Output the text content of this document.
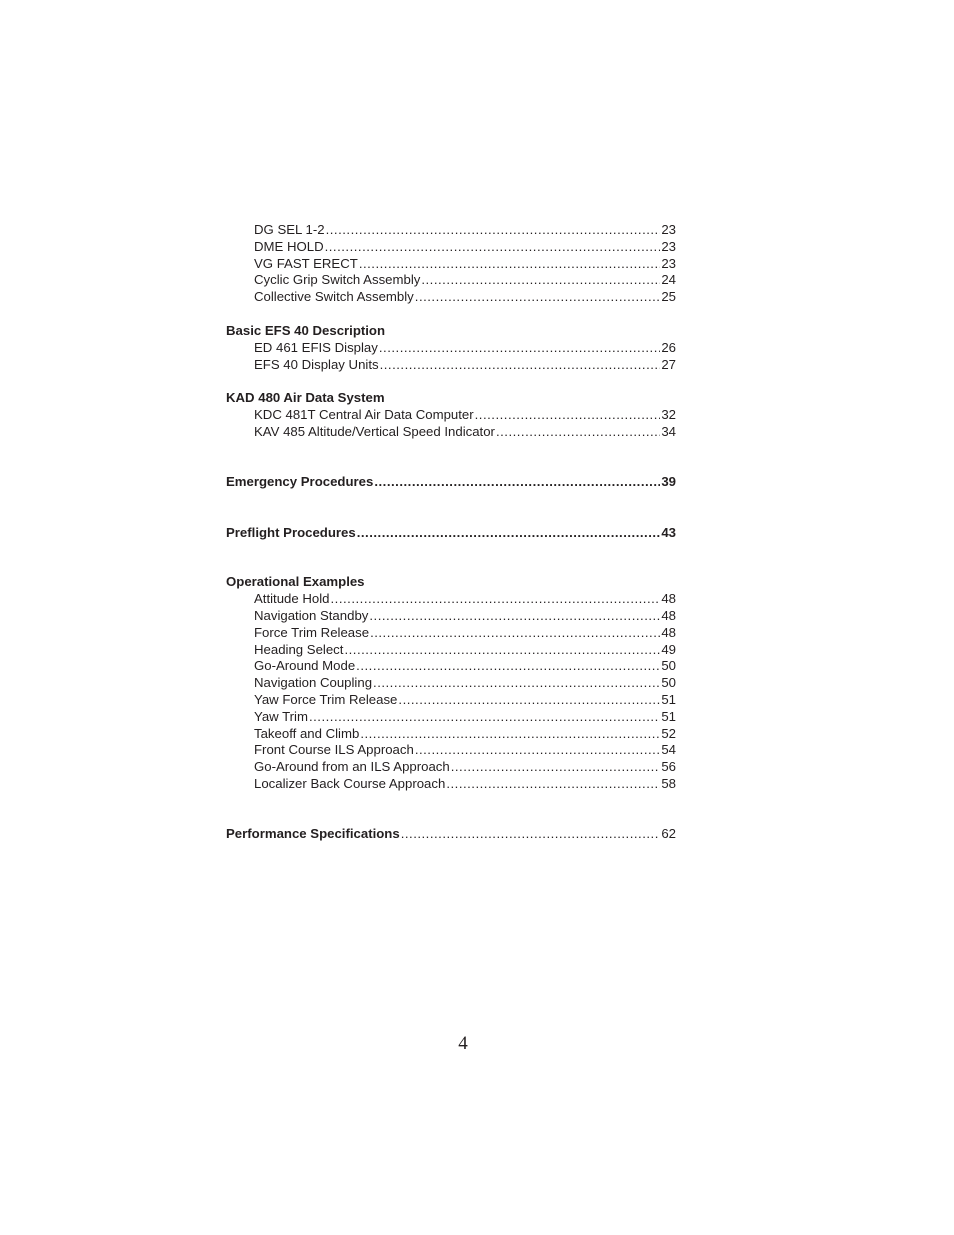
DG SEL 1-2 .....	23
DME HOLD .....	23
VG FAST ERECT .....	23
Cyclic Grip Switch Assembly .....	24
Collective Switch Assembly .....	25
Basic EFS 40 Description
ED 461 EFIS Display .....	26
EFS 40 Display Units .....	27
KAD 480 Air Data System
KDC 481T Central Air Data Computer .....	32
KAV 485 Altitude/Vertical Speed Indicator .....	34
Emergency Procedures .....	39
Preflight Procedures .....	43
Operational Examples
Attitude Hold .....	48
Navigation Standby .....	48
Force Trim Release .....	48
Heading Select .....	49
Go-Around Mode .....	50
Navigation Coupling .....	50
Yaw Force Trim Release .....	51
Yaw Trim .....	51
Takeoff and Climb .....	52
Front Course ILS Approach .....	54
Go-Around from an ILS Approach .....	56
Localizer Back Course Approach .....	58
Performance Specifications .....	62
4
